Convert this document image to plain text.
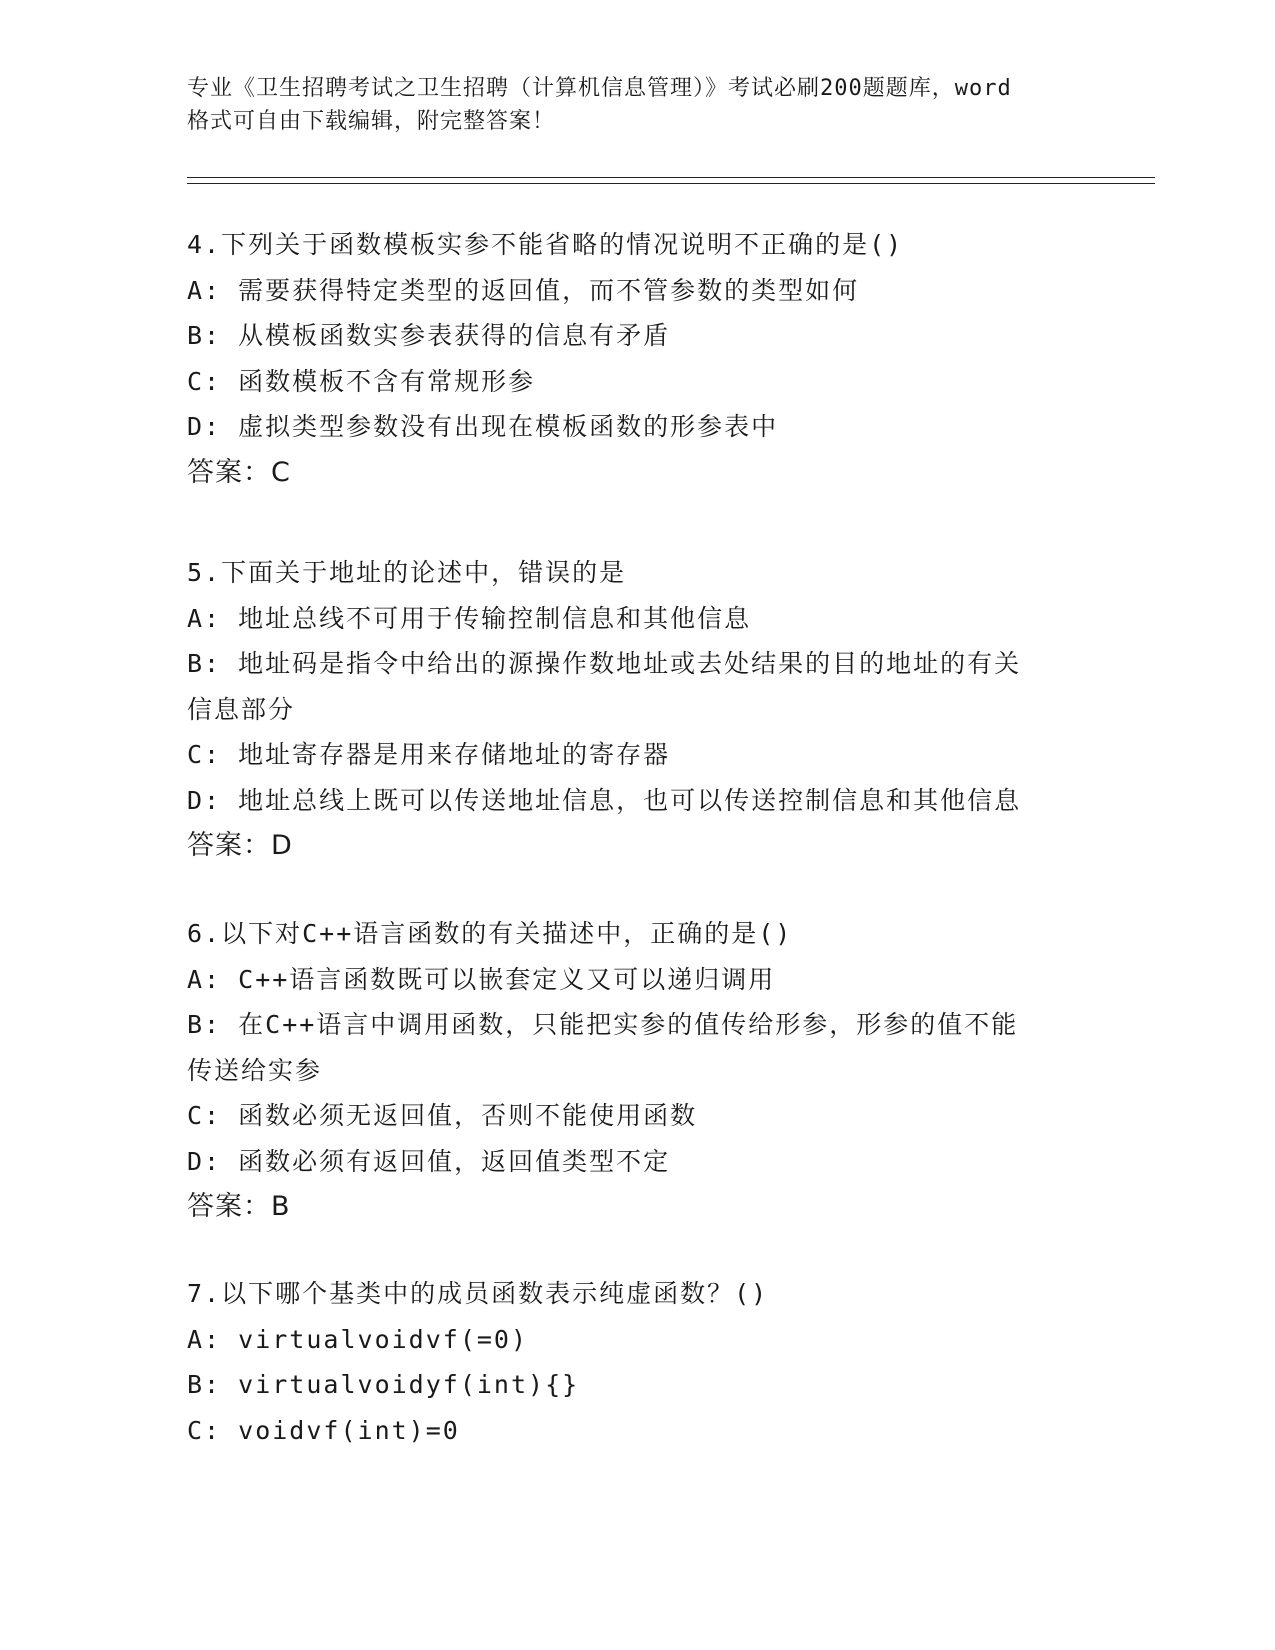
专业《卫生招聘考试之卫生招聘（计算机信息管理）》考试必刷200题题库，word
格式可自由下载编辑，附完整答案！
4.下列关于函数模板实参不能省略的情况说明不正确的是()
A: 需要获得特定类型的返回值，而不管参数的类型如何
B: 从模板函数实参表获得的信息有矛盾
C: 函数模板不含有常规形参
D: 虚拟类型参数没有出现在模板函数的形参表中
答案：C
5.下面关于地址的论述中，错误的是
A: 地址总线不可用于传输控制信息和其他信息
B: 地址码是指令中给出的源操作数地址或去处结果的目的地址的有关
信息部分
C: 地址寄存器是用来存储地址的寄存器
D: 地址总线上既可以传送地址信息，也可以传送控制信息和其他信息
答案：D
6.以下对C++语言函数的有关描述中，正确的是()
A: C++语言函数既可以嵌套定义又可以递归调用
B: 在C++语言中调用函数，只能把实参的值传给形参，形参的值不能
传送给实参
C: 函数必须无返回值，否则不能使用函数
D: 函数必须有返回值，返回值类型不定
答案：B
7.以下哪个基类中的成员函数表示纯虚函数？()
A: virtualvoidvf(=0)
B: virtualvoidyf(int){}
C: voidvf(int)=0
